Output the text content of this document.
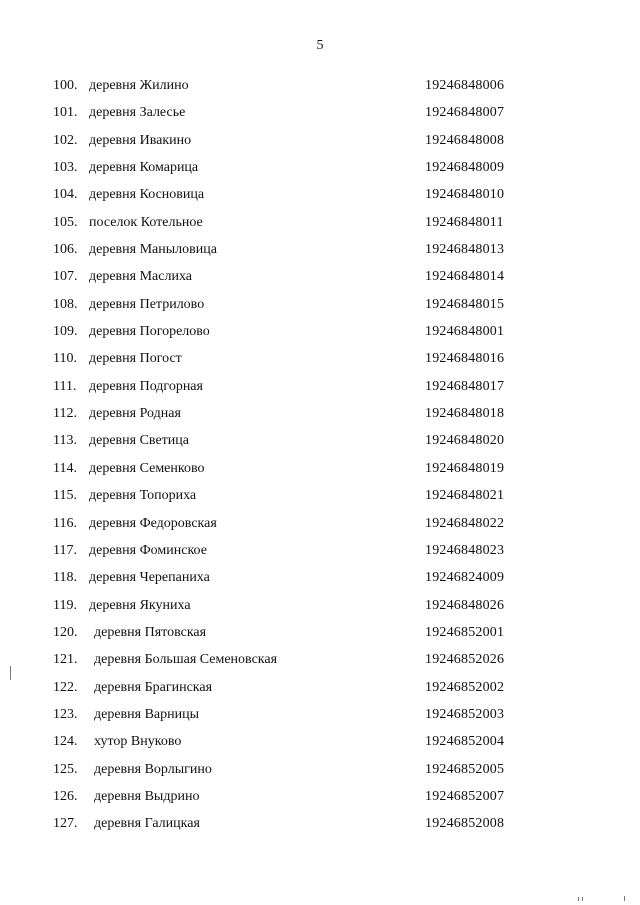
5
100. деревня Жилино	19246848006
101. деревня Залесье	19246848007
102. деревня Ивакино	19246848008
103. деревня Комарица	19246848009
104. деревня Косновица	19246848010
105. поселок Котельное	19246848011
106. деревня Маныловица	19246848013
107. деревня Маслиха	19246848014
108. деревня Петрилово	19246848015
109. деревня Погорелово	19246848001
110. деревня Погост	19246848016
111. деревня Подгорная	19246848017
112. деревня Родная	19246848018
113. деревня Светица	19246848020
114. деревня Семенково	19246848019
115. деревня Топориха	19246848021
116. деревня Федоровская	19246848022
117. деревня Фоминское	19246848023
118. деревня Черепаниха	19246824009
119. деревня Якуниха	19246848026
120. деревня Пятовская	19246852001
121. деревня Большая Семеновская	19246852026
122. деревня Брагинская	19246852002
123. деревня Варницы	19246852003
124. хутор Внуково	19246852004
125. деревня Ворлыгино	19246852005
126. деревня Выдрино	19246852007
127. деревня Галицкая	19246852008
